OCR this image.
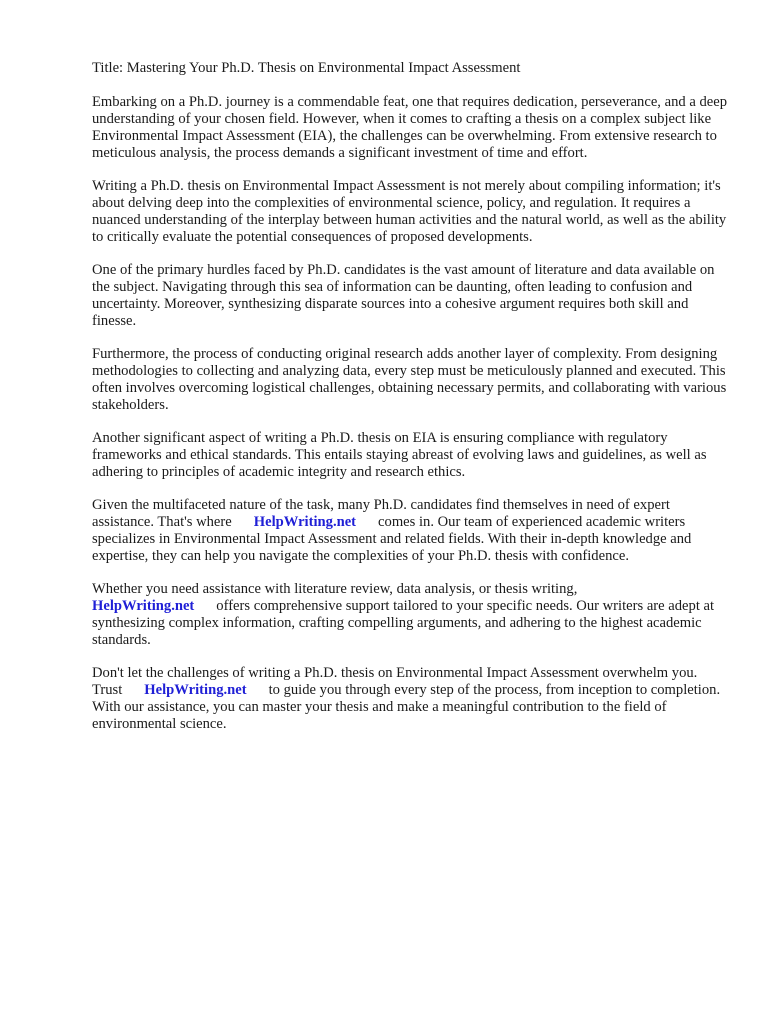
Title: Mastering Your Ph.D. Thesis on Environmental Impact Assessment

Embarking on a Ph.D. journey is a commendable feat, one that requires dedication, perseverance, and a deep understanding of your chosen field. However, when it comes to crafting a thesis on a complex subject like Environmental Impact Assessment (EIA), the challenges can be overwhelming. From extensive research to meticulous analysis, the process demands a significant investment of time and effort.

Writing a Ph.D. thesis on Environmental Impact Assessment is not merely about compiling information; it's about delving deep into the complexities of environmental science, policy, and regulation. It requires a nuanced understanding of the interplay between human activities and the natural world, as well as the ability to critically evaluate the potential consequences of proposed developments.

One of the primary hurdles faced by Ph.D. candidates is the vast amount of literature and data available on the subject. Navigating through this sea of information can be daunting, often leading to confusion and uncertainty. Moreover, synthesizing disparate sources into a cohesive argument requires both skill and finesse.

Furthermore, the process of conducting original research adds another layer of complexity. From designing methodologies to collecting and analyzing data, every step must be meticulously planned and executed. This often involves overcoming logistical challenges, obtaining necessary permits, and collaborating with various stakeholders.

Another significant aspect of writing a Ph.D. thesis on EIA is ensuring compliance with regulatory frameworks and ethical standards. This entails staying abreast of evolving laws and guidelines, as well as adhering to principles of academic integrity and research ethics.

Given the multifaceted nature of the task, many Ph.D. candidates find themselves in need of expert assistance. That's where HelpWriting.net comes in. Our team of experienced academic writers specializes in Environmental Impact Assessment and related fields. With their in-depth knowledge and expertise, they can help you navigate the complexities of your Ph.D. thesis with confidence.

Whether you need assistance with literature review, data analysis, or thesis writing,
HelpWriting.net offers comprehensive support tailored to your specific needs. Our writers are adept at synthesizing complex information, crafting compelling arguments, and adhering to the highest academic standards.

Don't let the challenges of writing a Ph.D. thesis on Environmental Impact Assessment overwhelm you. Trust HelpWriting.net to guide you through every step of the process, from inception to completion. With our assistance, you can master your thesis and make a meaningful contribution to the field of environmental science.
